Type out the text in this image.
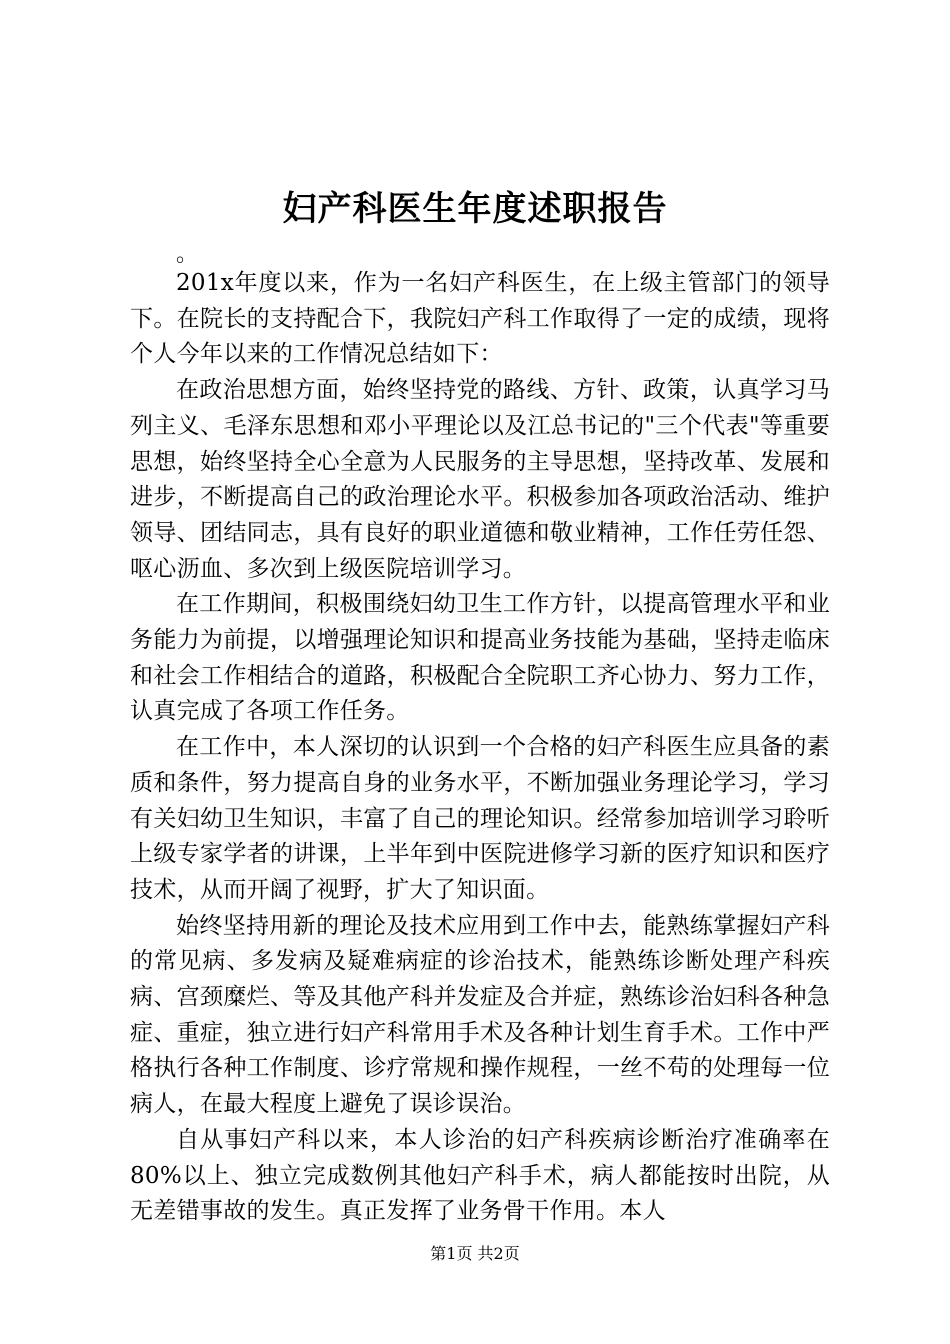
妇产科医生年度述职报告
。

201x年度以来，作为一名妇产科医生，在上级主管部门的领导下。在院长的支持配合下，我院妇产科工作取得了一定的成绩，现将个人今年以来的工作情况总结如下：

在政治思想方面，始终坚持党的路线、方针、政策，认真学习马列主义、毛泽东思想和邓小平理论以及江总书记的"三个代表"等重要思想，始终坚持全心全意为人民服务的主导思想，坚持改革、发展和进步，不断提高自己的政治理论水平。积极参加各项政治活动、维护领导、团结同志，具有良好的职业道德和敬业精神，工作任劳任怨、呕心沥血、多次到上级医院培训学习。

在工作期间，积极围绕妇幼卫生工作方针，以提高管理水平和业务能力为前提，以增强理论知识和提高业务技能为基础，坚持走临床和社会工作相结合的道路，积极配合全院职工齐心协力、努力工作，认真完成了各项工作任务。

在工作中，本人深切的认识到一个合格的妇产科医生应具备的素质和条件，努力提高自身的业务水平，不断加强业务理论学习，学习有关妇幼卫生知识，丰富了自己的理论知识。经常参加培训学习聆听上级专家学者的讲课，上半年到中医院进修学习新的医疗知识和医疗技术，从而开阔了视野，扩大了知识面。

始终坚持用新的理论及技术应用到工作中去，能熟练掌握妇产科的常见病、多发病及疑难病症的诊治技术，能熟练诊断处理产科疾病、宫颈糜烂、等及其他产科并发症及合并症，熟练诊治妇科各种急症、重症，独立进行妇产科常用手术及各种计划生育手术。工作中严格执行各种工作制度、诊疗常规和操作规程，一丝不苟的处理每一位病人，在最大程度上避免了误诊误治。

自从事妇产科以来，本人诊治的妇产科疾病诊断治疗准确率在80%以上、独立完成数例其他妇产科手术，病人都能按时出院，从无差错事故的发生。真正发挥了业务骨干作用。本人

第1页 共2页
